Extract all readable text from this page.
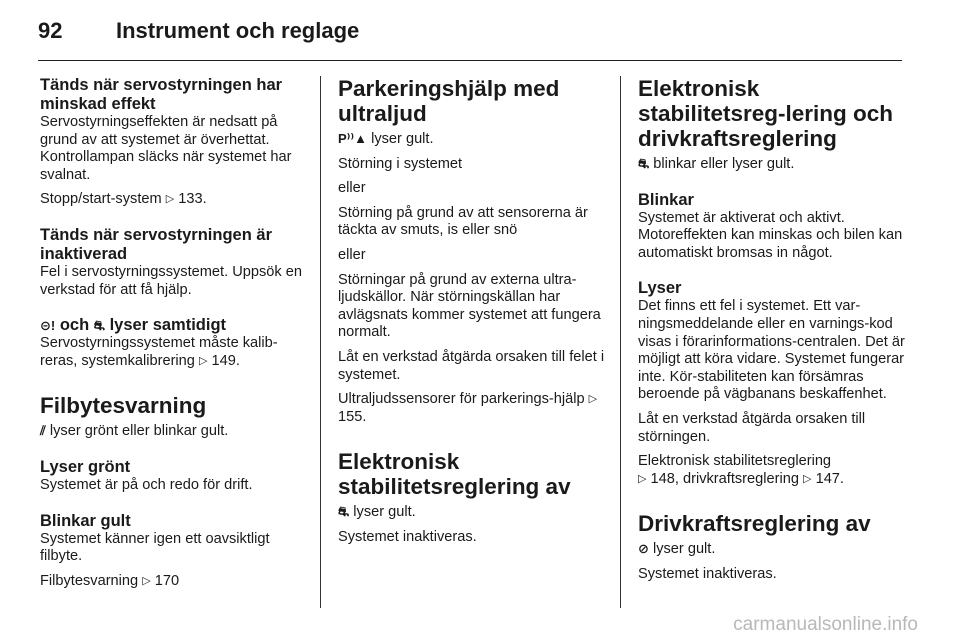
92	Instrument och reglage
Tänds när servostyrningen har minskad effekt

Servostyrningseffekten är nedsatt på grund av att systemet är överhettat. Kontrollampan släcks när systemet har svalnat.

Stopp/start-system ▷ 133.

Tänds när servostyrningen är inaktiverad

Fel i servostyrningssystemet. Uppsök en verkstad för att få hjälp.

⊝! och ⛐ lyser samtidigt

Servostyrningssystemet måste kalib-reras, systemkalibrering ▷ 149.

Filbytesvarning

⫽ lyser grönt eller blinkar gult.

Lyser grönt

Systemet är på och redo för drift.

Blinkar gult

Systemet känner igen ett oavsiktligt filbyte.

Filbytesvarning ▷ 170

Parkeringshjälp med ultraljud

P⁾⁾▲ lyser gult.

Störning i systemet

eller

Störning på grund av att sensorerna är täckta av smuts, is eller snö

eller

Störningar på grund av externa ultra-ljudskällor. När störningskällan har avlägsnats kommer systemet att fungera normalt.

Låt en verkstad åtgärda orsaken till felet i systemet.

Ultraljudssensorer för parkerings-hjälp ▷ 155.

Elektronisk stabilitetsreglering av

⛐ lyser gult.

Systemet inaktiveras.

Elektronisk stabilitetsreg-lering och drivkraftsreglering

⛐ blinkar eller lyser gult.

Blinkar

Systemet är aktiverat och aktivt. Motoreffekten kan minskas och bilen kan automatiskt bromsas in något.

Lyser

Det finns ett fel i systemet. Ett var-ningsmeddelande eller en varnings-kod visas i förarinformations-centralen. Det är möjligt att köra vidare. Systemet fungerar inte. Kör-stabiliteten kan försämras beroende på vägbanans beskaffenhet.

Låt en verkstad åtgärda orsaken till störningen.

Elektronisk stabilitetsreglering
▷ 148, drivkraftsreglering ▷ 147.

Drivkraftsreglering av

⊘ lyser gult.

Systemet inaktiveras.

carmanualsonline.info
